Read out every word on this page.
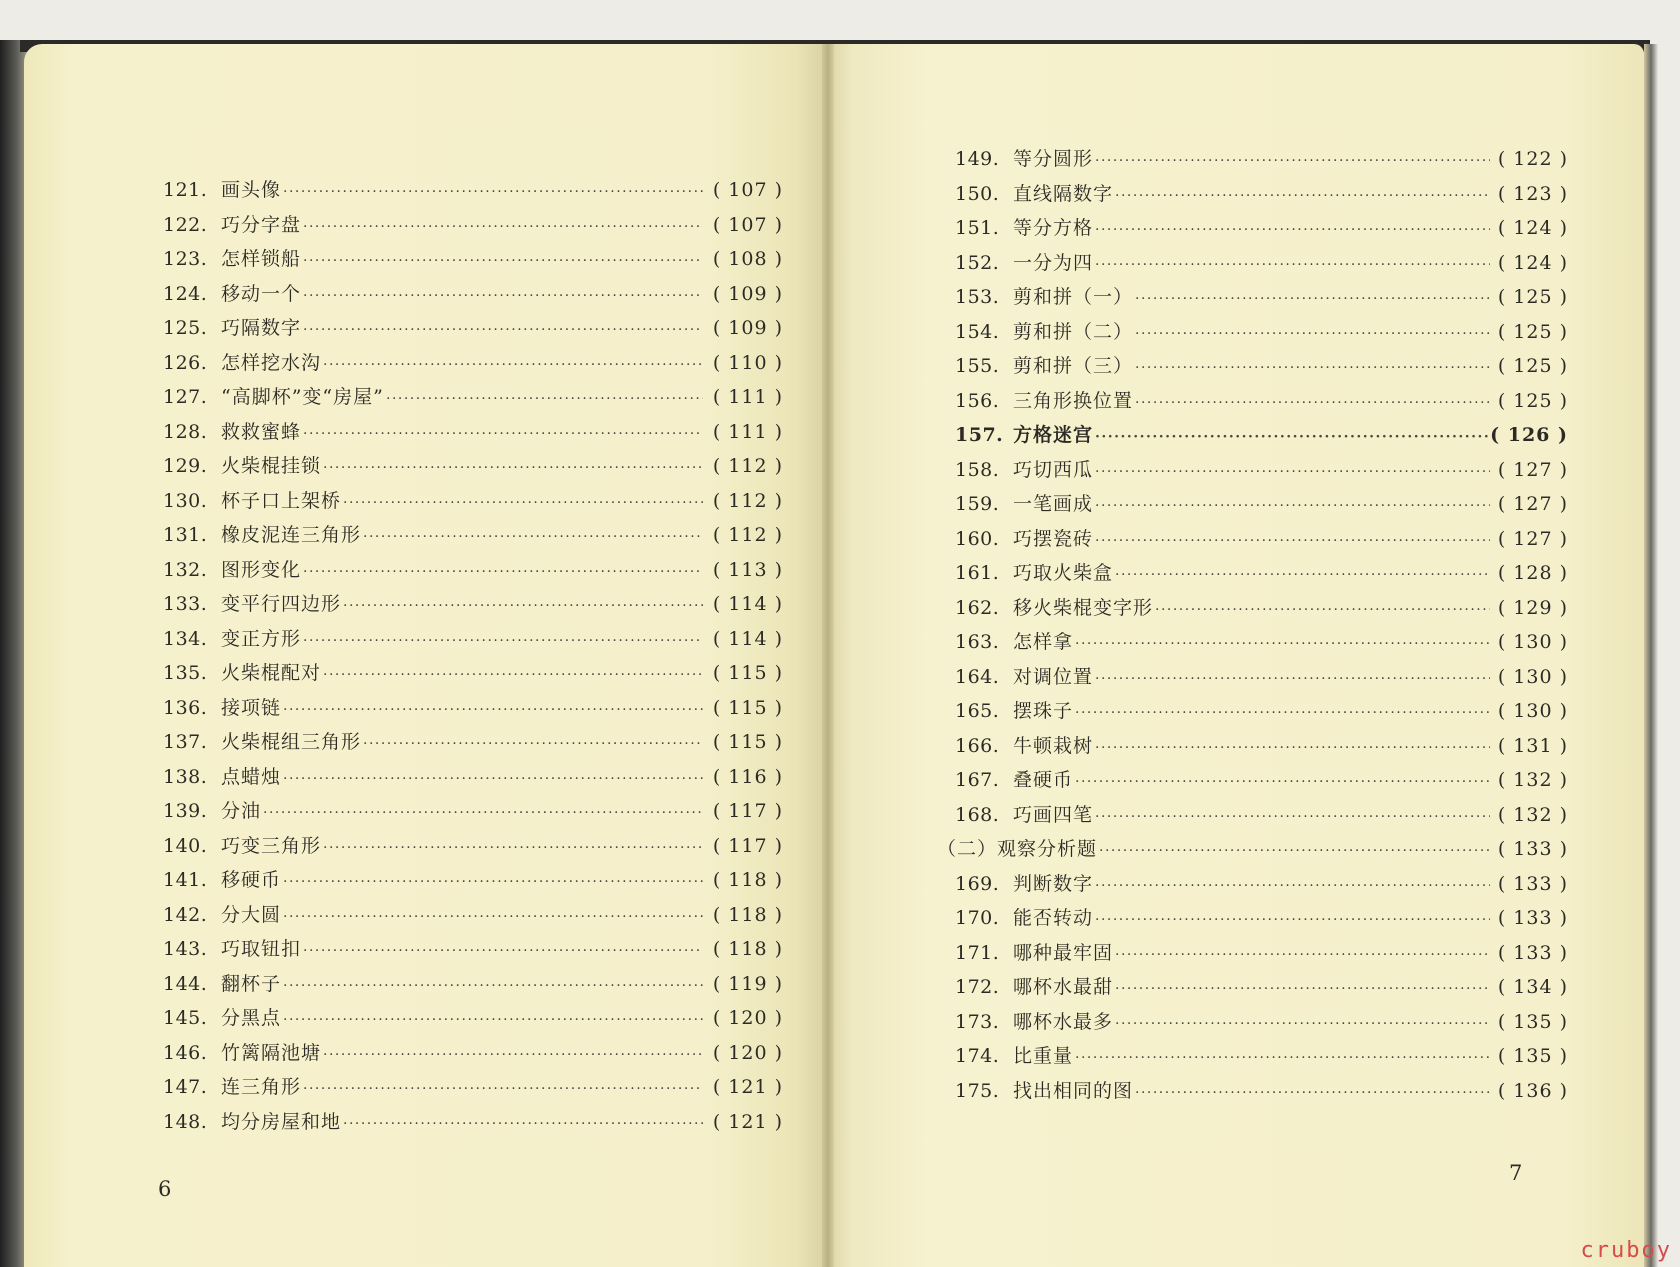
121. 画头像 ·····	( 107 )
122. 巧分字盘 ·····	( 107 )
123. 怎样锁船 ·····	( 108 )
124. 移动一个 ·····	( 109 )
125. 巧隔数字 ·····	( 109 )
126. 怎样挖水沟 ·····	( 110 )
127. “高脚杯”变“房屋” ·····	( 111 )
128. 救救蜜蜂 ·····	( 111 )
129. 火柴棍挂锁 ·····	( 112 )
130. 杯子口上架桥 ·····	( 112 )
131. 橡皮泥连三角形 ·····	( 112 )
132. 图形变化 ·····	( 113 )
133. 变平行四边形 ·····	( 114 )
134. 变正方形 ·····	( 114 )
135. 火柴棍配对 ·····	( 115 )
136. 接项链 ·····	( 115 )
137. 火柴棍组三角形 ·····	( 115 )
138. 点蜡烛 ·····	( 116 )
139. 分油 ·····	( 117 )
140. 巧变三角形 ·····	( 117 )
141. 移硬币 ·····	( 118 )
142. 分大圆 ·····	( 118 )
143. 巧取钮扣 ·····	( 118 )
144. 翻杯子 ·····	( 119 )
145. 分黑点 ·····	( 120 )
146. 竹篱隔池塘 ·····	( 120 )
147. 连三角形 ·····	( 121 )
148. 均分房屋和地 ·····	( 121 )
149. 等分圆形 ·····	( 122 )
150. 直线隔数字 ·····	( 123 )
151. 等分方格 ·····	( 124 )
152. 一分为四 ·····	( 124 )
153. 剪和拼（一） ·····	( 125 )
154. 剪和拼（二） ·····	( 125 )
155. 剪和拼（三） ·····	( 125 )
156. 三角形换位置 ·····	( 125 )
157. 方格迷宫 ·····	( 126 )
158. 巧切西瓜 ·····	( 127 )
159. 一笔画成 ·····	( 127 )
160. 巧摆瓷砖 ·····	( 127 )
161. 巧取火柴盒 ·····	( 128 )
162. 移火柴棍变字形 ·····	( 129 )
163. 怎样拿 ·····	( 130 )
164. 对调位置 ·····	( 130 )
165. 摆珠子 ·····	( 130 )
166. 牛顿栽树 ·····	( 131 )
167. 叠硬币 ·····	( 132 )
168. 巧画四笔 ·····	( 132 )
（二）观察分析题 ·····	( 133 )
169. 判断数字 ·····	( 133 )
170. 能否转动 ·····	( 133 )
171. 哪种最牢固 ·····	( 133 )
172. 哪杯水最甜 ·····	( 134 )
173. 哪杯水最多 ·····	( 135 )
174. 比重量 ·····	( 135 )
175. 找出相同的图 ·····	( 136 )
6
7
cruboy
